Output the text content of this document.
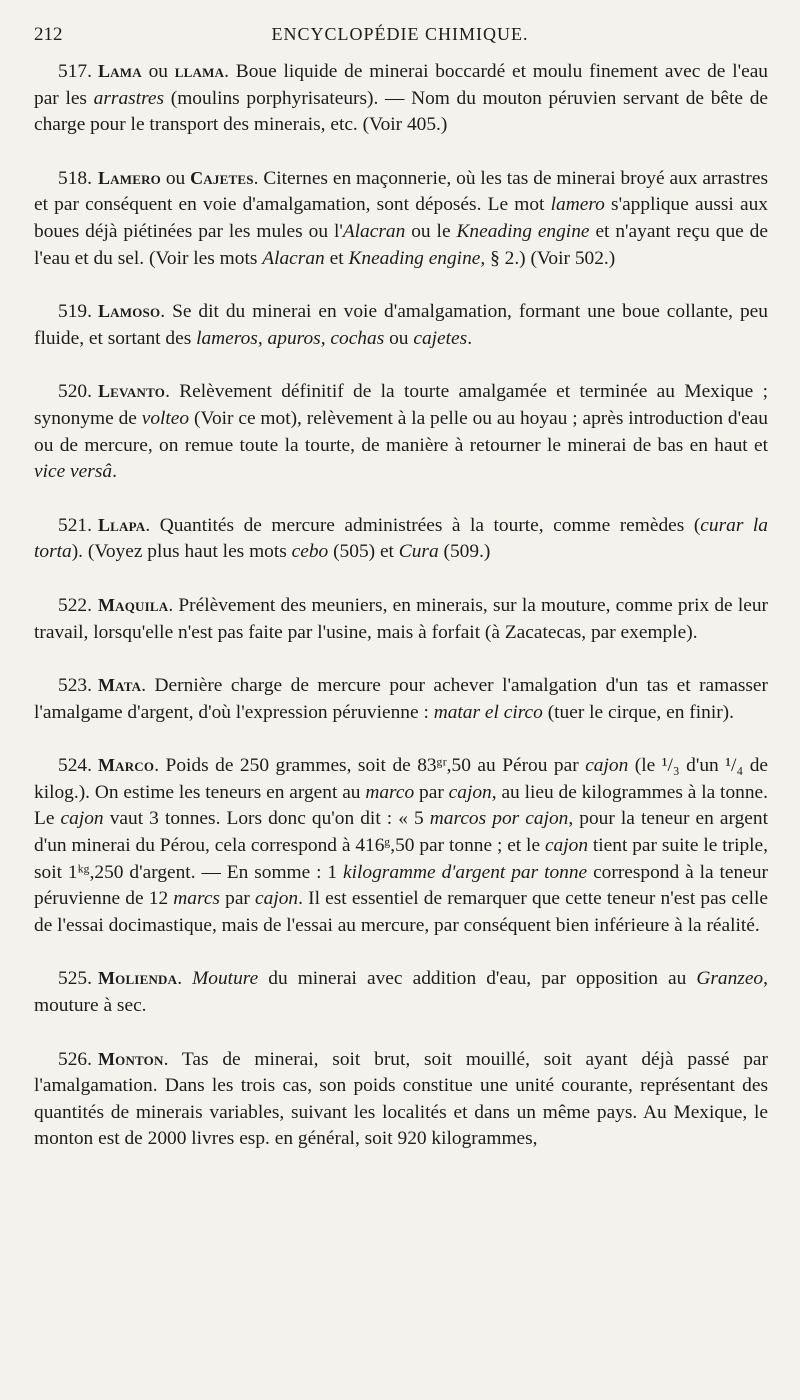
212	ENCYCLOPÉDIE CHIMIQUE.

517. Lama ou llama. Boue liquide de minerai boccardé et moulu finement avec de l'eau par les arrastres (moulins porphyrisateurs). — Nom du mouton péruvien servant de bête de charge pour le transport des minerais, etc. (Voir 405.)

518. Lamero ou Cajetes. Citernes en maçonnerie, où les tas de minerai broyé aux arrastres et par conséquent en voie d'amalgamation, sont déposés. Le mot lamero s'applique aussi aux boues déjà piétinées par les mules ou l'Alacran ou le Kneading engine et n'ayant reçu que de l'eau et du sel. (Voir les mots Alacran et Kneading engine, § 2.) (Voir 502.)

519. Lamoso. Se dit du minerai en voie d'amalgamation, formant une boue collante, peu fluide, et sortant des lameros, apuros, cochas ou cajetes.

520. Levanto. Relèvement définitif de la tourte amalgamée et terminée au Mexique ; synonyme de volteo (Voir ce mot), relèvement à la pelle ou au hoyau ; après introduction d'eau ou de mercure, on remue toute la tourte, de manière à retourner le minerai de bas en haut et vice versâ.

521. Llapa. Quantités de mercure administrées à la tourte, comme remèdes (curar la torta). (Voyez plus haut les mots cebo (505) et Cura (509.)

522. Maquila. Prélèvement des meuniers, en minerais, sur la mouture, comme prix de leur travail, lorsqu'elle n'est pas faite par l'usine, mais à forfait (à Zacatecas, par exemple).

523. Mata. Dernière charge de mercure pour achever l'amalgation d'un tas et ramasser l'amalgame d'argent, d'où l'expression péruvienne : matar el circo (tuer le cirque, en finir).

524. Marco. Poids de 250 grammes, soit de 83ᵍʳ,50 au Pérou par cajon (le ¹/₃ d'un ¹/₄ de kilog.). On estime les teneurs en argent au marco par cajon, au lieu de kilogrammes à la tonne. Le cajon vaut 3 tonnes. Lors donc qu'on dit : « 5 marcos por cajon, pour la teneur en argent d'un minerai du Pérou, cela correspond à 416ᵍ,50 par tonne ; et le cajon tient par suite le triple, soit 1ᵏᵍ,250 d'argent. — En somme : 1 kilogramme d'argent par tonne correspond à la teneur péruvienne de 12 marcs par cajon. Il est essentiel de remarquer que cette teneur n'est pas celle de l'essai docimastique, mais de l'essai au mercure, par conséquent bien inférieure à la réalité.

525. Molienda. Mouture du minerai avec addition d'eau, par opposition au Granzeo, mouture à sec.

526. Monton. Tas de minerai, soit brut, soit mouillé, soit ayant déjà passé par l'amalgamation. Dans les trois cas, son poids constitue une unité courante, représentant des quantités de minerais variables, suivant les localités et dans un même pays. Au Mexique, le monton est de 2000 livres esp. en général, soit 920 kilogrammes,
